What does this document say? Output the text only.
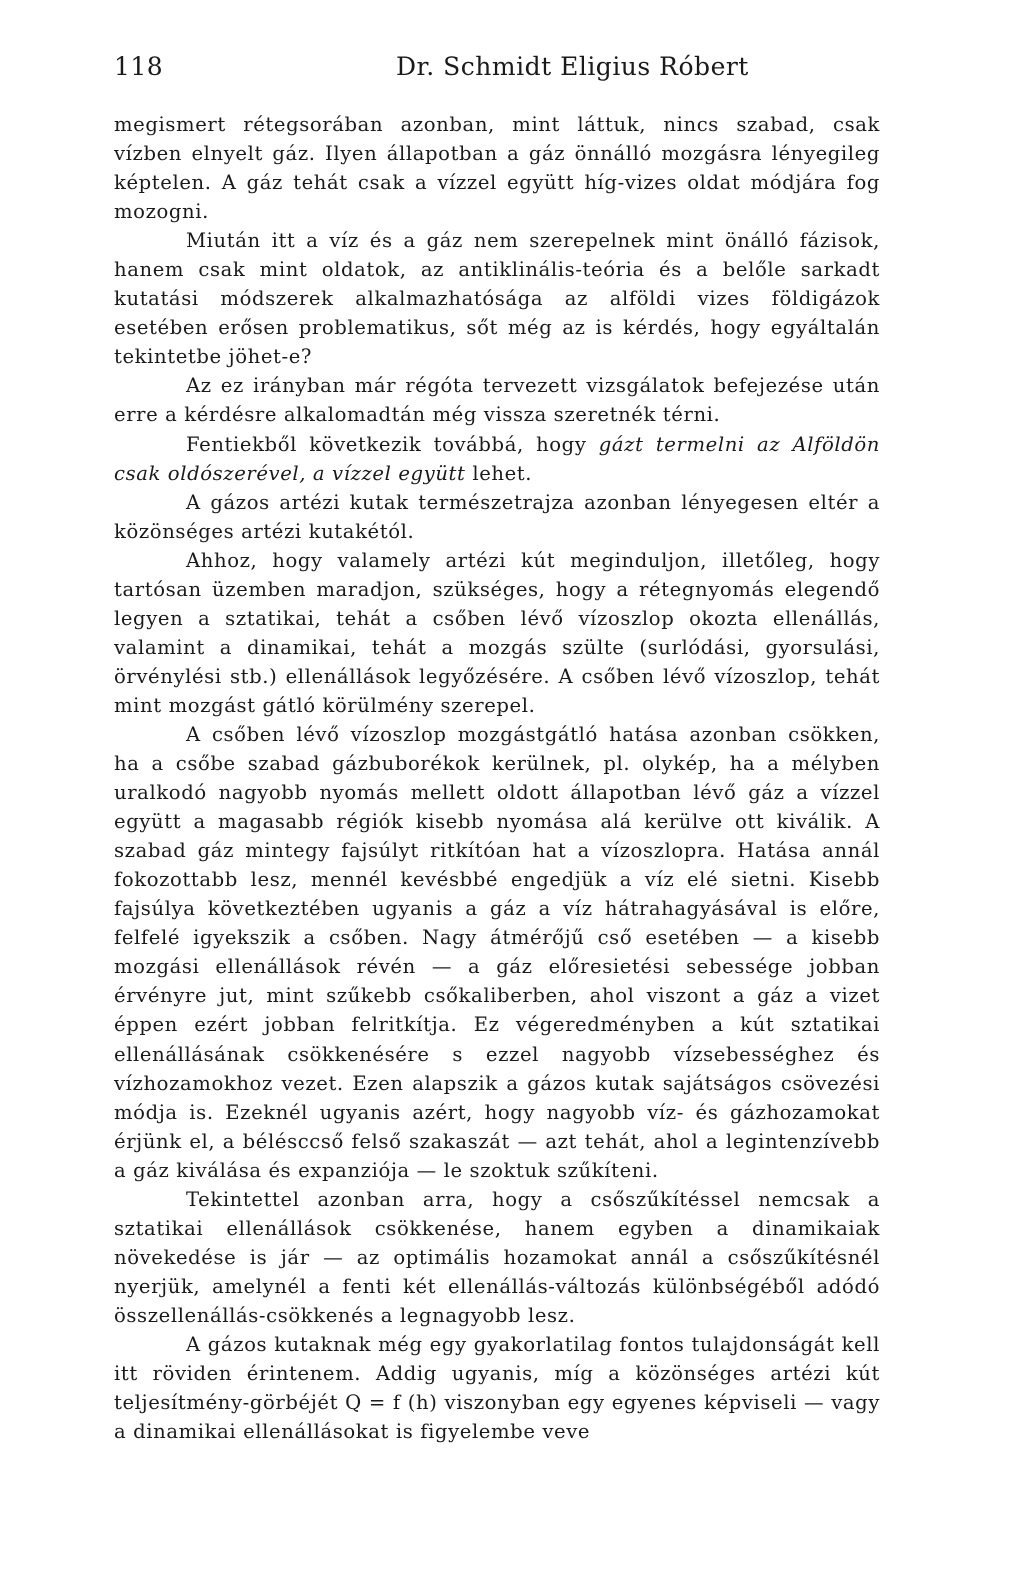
118	Dr. Schmidt Eligius Róbert

megismert rétegsorában azonban, mint láttuk, nincs szabad, csak vízben elnyelt gáz. Ilyen állapotban a gáz önnálló mozgásra lényegileg képtelen. A gáz tehát csak a vízzel együtt híg-vizes oldat módjára fog mozogni.

Miután itt a víz és a gáz nem szerepelnek mint önálló fázisok, hanem csak mint oldatok, az antiklinális-teória és a belőle sarkadt kutatási módszerek alkalmazhatósága az alföldi vizes földigázok esetében erősen problematikus, sőt még az is kérdés, hogy egyáltalán tekintetbe jöhet-e?

Az ez irányban már régóta tervezett vizsgálatok befejezése után erre a kérdésre alkalomadtán még vissza szeretnék térni.

Fentiekből következik továbbá, hogy gázt termelni az Alföldön csak oldószerével, a vízzel együtt lehet.

A gázos artézi kutak természetrajza azonban lényegesen eltér a közönséges artézi kutakétól.

Ahhoz, hogy valamely artézi kút meginduljon, illetőleg, hogy tartósan üzemben maradjon, szükséges, hogy a rétegnyomás elegendő legyen a sztatikai, tehát a csőben lévő vízoszlop okozta ellenállás, valamint a dinamikai, tehát a mozgás szülte (surlódási, gyorsulási, örvénylési stb.) ellenállások legyőzésére. A csőben lévő vízoszlop, tehát mint mozgást gátló körülmény szerepel.

A csőben lévő vízoszlop mozgástgátló hatása azonban csökken, ha a csőbe szabad gázbuborékok kerülnek, pl. olykép, ha a mélyben uralkodó nagyobb nyomás mellett oldott állapotban lévő gáz a vízzel együtt a magasabb régiók kisebb nyomása alá kerülve ott kiválik. A szabad gáz mintegy fajsúlyt ritkítóan hat a vízoszlopra. Hatása annál fokozottabb lesz, mennél kevésbbé engedjük a víz elé sietni. Kisebb fajsúlya következtében ugyanis a gáz a víz hátrahagyásával is előre, felfelé igyekszik a csőben. Nagy átmérőjű cső esetében — a kisebb mozgási ellenállások révén — a gáz előresietési sebessége jobban érvényre jut, mint szűkebb csőkaliberben, ahol viszont a gáz a vizet éppen ezért jobban felritkítja. Ez végeredményben a kút sztatikai ellenállásának csökkenésére s ezzel nagyobb vízsebességhez és vízhozamokhoz vezet. Ezen alapszik a gázos kutak sajátságos csövezési módja is. Ezeknél ugyanis azért, hogy nagyobb víz- és gázhozamokat érjünk el, a bélésccső felső szakaszát — azt tehát, ahol a legintenzívebb a gáz kiválása és expanziója — le szoktuk szűkíteni.

Tekintettel azonban arra, hogy a csőszűkítéssel nemcsak a sztatikai ellenállások csökkenése, hanem egyben a dinamikaiak növekedése is jár — az optimális hozamokat annál a csőszűkítésnél nyerjük, amelynél a fenti két ellenállás-változás különbségéből adódó összellenállás-csökkenés a legnagyobb lesz.

A gázos kutaknak még egy gyakorlatilag fontos tulajdonságát kell itt röviden érintenem. Addig ugyanis, míg a közönséges artézi kút teljesítmény-görbéjét Q = f (h) viszonyban egy egyenes képviseli — vagy a dinamikai ellenállásokat is figyelembe veve
